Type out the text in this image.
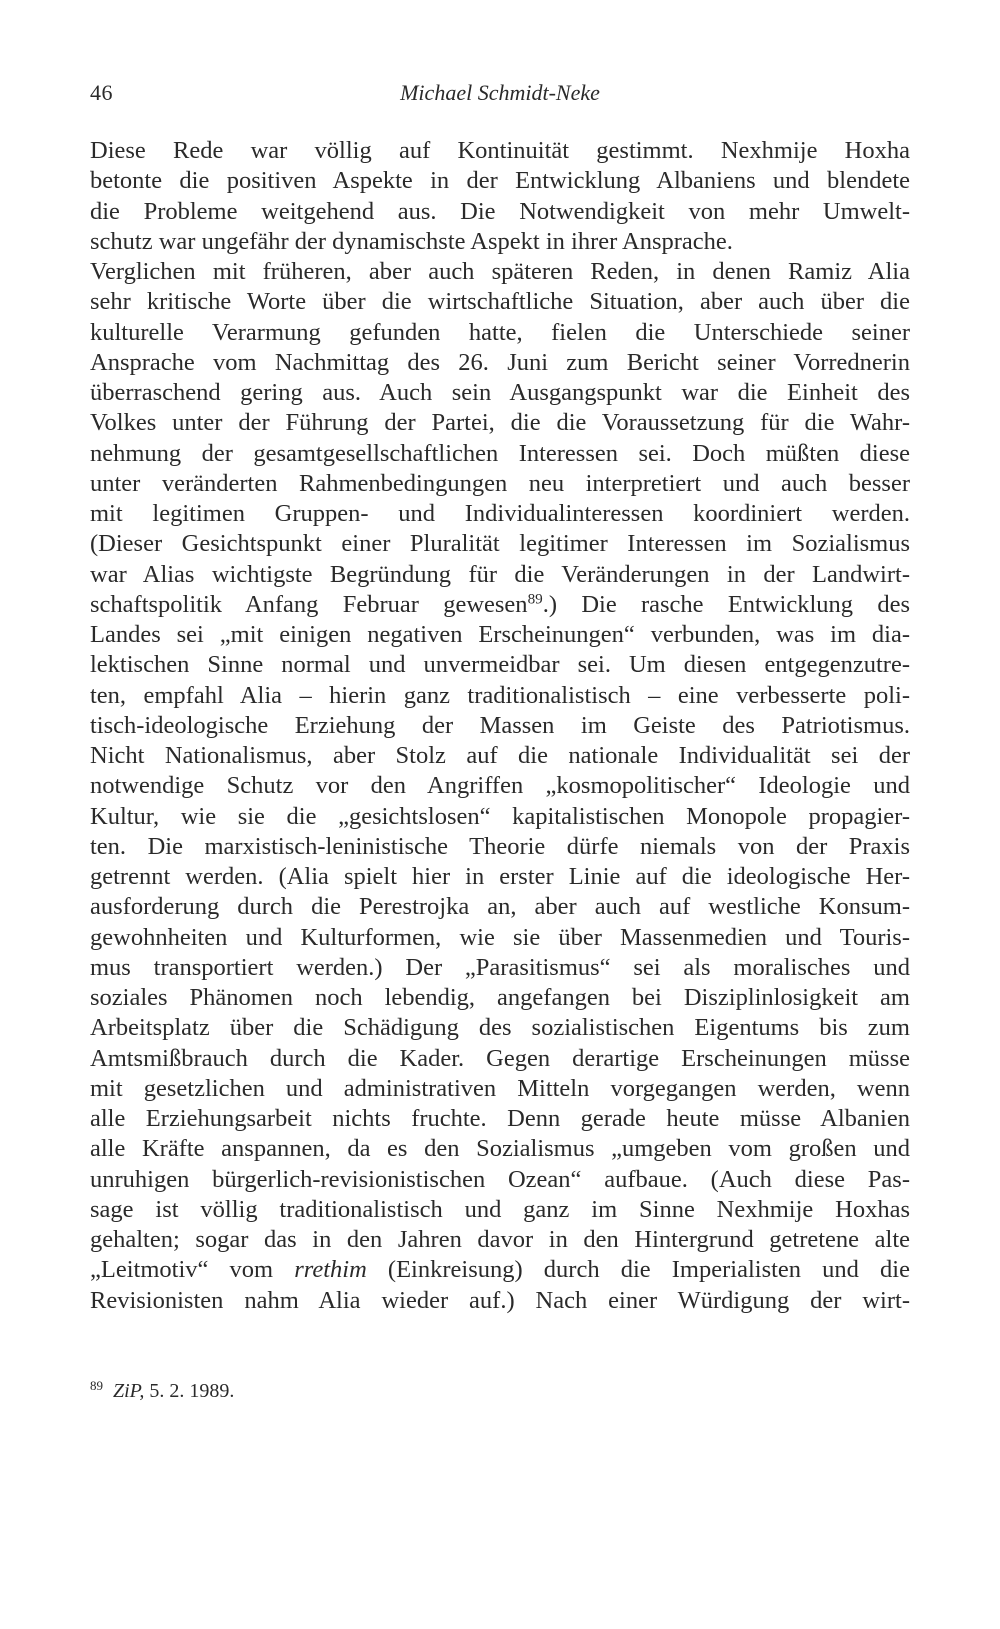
46	Michael Schmidt-Neke
Diese Rede war völlig auf Kontinuität gestimmt. Nexhmije Hoxha
betonte die positiven Aspekte in der Entwicklung Albaniens und blendete
die Probleme weitgehend aus. Die Notwendigkeit von mehr Umwelt-
schutz war ungefähr der dynamischste Aspekt in ihrer Ansprache.
Verglichen mit früheren, aber auch späteren Reden, in denen Ramiz Alia
sehr kritische Worte über die wirtschaftliche Situation, aber auch über die
kulturelle Verarmung gefunden hatte, fielen die Unterschiede seiner
Ansprache vom Nachmittag des 26. Juni zum Bericht seiner Vorrednerin
überraschend gering aus. Auch sein Ausgangspunkt war die Einheit des
Volkes unter der Führung der Partei, die die Voraussetzung für die Wahr-
nehmung der gesamtgesellschaftlichen Interessen sei. Doch müßten diese
unter veränderten Rahmenbedingungen neu interpretiert und auch besser
mit legitimen Gruppen- und Individualinteressen koordiniert werden.
(Dieser Gesichtspunkt einer Pluralität legitimer Interessen im Sozialismus
war Alias wichtigste Begründung für die Veränderungen in der Landwirt-
schaftspolitik Anfang Februar gewesen$^{89}$.) Die rasche Entwicklung des
Landes sei „mit einigen negativen Erscheinungen“ verbunden, was im dia-
lektischen Sinne normal und unvermeidbar sei. Um diesen entgegenzutre-
ten, empfahl Alia – hierin ganz traditionalistisch – eine verbesserte poli-
tisch-ideologische Erziehung der Massen im Geiste des Patriotismus.
Nicht Nationalismus, aber Stolz auf die nationale Individualität sei der
notwendige Schutz vor den Angriffen „kosmopolitischer“ Ideologie und
Kultur, wie sie die „gesichtslosen“ kapitalistischen Monopole propagier-
ten. Die marxistisch-leninistische Theorie dürfe niemals von der Praxis
getrennt werden. (Alia spielt hier in erster Linie auf die ideologische Her-
ausforderung durch die Perestrojka an, aber auch auf westliche Konsum-
gewohnheiten und Kulturformen, wie sie über Massenmedien und Touris-
mus transportiert werden.) Der „Parasitismus“ sei als moralisches und
soziales Phänomen noch lebendig, angefangen bei Disziplinlosigkeit am
Arbeitsplatz über die Schädigung des sozialistischen Eigentums bis zum
Amtsmißbrauch durch die Kader. Gegen derartige Erscheinungen müsse
mit gesetzlichen und administrativen Mitteln vorgegangen werden, wenn
alle Erziehungsarbeit nichts fruchte. Denn gerade heute müsse Albanien
alle Kräfte anspannen, da es den Sozialismus „umgeben vom großen und
unruhigen bürgerlich-revisionistischen Ozean“ aufbaue. (Auch diese Pas-
sage ist völlig traditionalistisch und ganz im Sinne Nexhmije Hoxhas
gehalten; sogar das in den Jahren davor in den Hintergrund getretene alte
„Leitmotiv“ vom rrethim (Einkreisung) durch die Imperialisten und die
Revisionisten nahm Alia wieder auf.) Nach einer Würdigung der wirt-
$^{89}$ ZiP, 5. 2. 1989.
